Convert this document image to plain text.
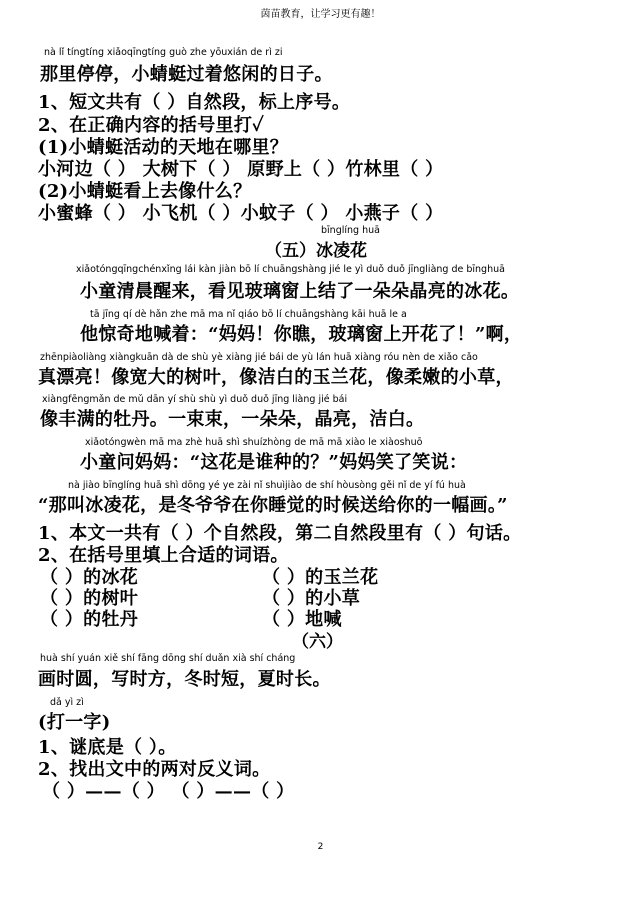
茵苗教育，让学习更有趣！
nà lǐ tíngtíng xiǎoqīngtíng guò zhe yōuxián de rì zi
那里停停，小蜻蜓过着悠闲的日子。
1、短文共有（ ）自然段，标上序号。
2、在正确内容的括号里打✓
(1)小蜻蜓活动的天地在哪里？
小河边（ ） 大树下（ ） 原野上（ ）竹林里（ ）
(2)小蜻蜓看上去像什么？
小蜜蜂（ ） 小飞机（ ）小蚊子（ ） 小燕子（ ）
bīnglíng huā
（五）冰凌花
xiǎotóngqīngchénxǐng lái kàn jiàn bō lí chuāngshàng jié le yì duǒ duǒ jīngliàng de bīnghuā
小童清晨醒来，看见玻璃窗上结了一朵朵晶亮的冰花。
tā jīng qí dè hǎn zhe mā ma nǐ qiáo bō lí chuāngshàng kāi huā le a
他惊奇地喊着：“妈妈！你瞧，玻璃窗上开花了！”啊，
zhēnpiàoliàng xiàngkuān dà de shù yè xiàng jié bái de yù lán huā xiàng róu nèn de xiǎo cǎo
真漂亮！像宽大的树叶，像洁白的玉兰花，像柔嫩的小草，
xiàngfēngmǎn de mǔ dān yí shù shù yì duǒ duǒ jīng liàng jié bái
像丰满的牡丹。一束束，一朵朵，晶亮，洁白。
xiǎotóngwèn mā ma zhè huā shì shuízhòng de mā mā xiào le xiàoshuō
小童问妈妈：“这花是谁种的？”妈妈笑了笑说：
nà jiào bīnglíng huā shì dōng yé ye zài nǐ shuìjiào de shí hòusòng gěi nǐ de yí fú huà
“那叫冰凌花，是冬爷爷在你睡觉的时候送给你的一幅画。”
1、本文一共有（ ）个自然段，第二自然段里有（ ）句话。
2、在括号里填上合适的词语。
（ ）的冰花	（ ）的玉兰花
（ ）的树叶	（ ）的小草
（ ）的牡丹	（ ）地喊
（六）
huà shí yuán xiě shí fāng dōng shí duǎn xià shí cháng
画时圆，写时方，冬时短，夏时长。
dǎ yì zì
(打一字)
1、谜底是（ ）。
2、找出文中的两对反义词。
（ ）——（ ） （ ）——（ ）
2
